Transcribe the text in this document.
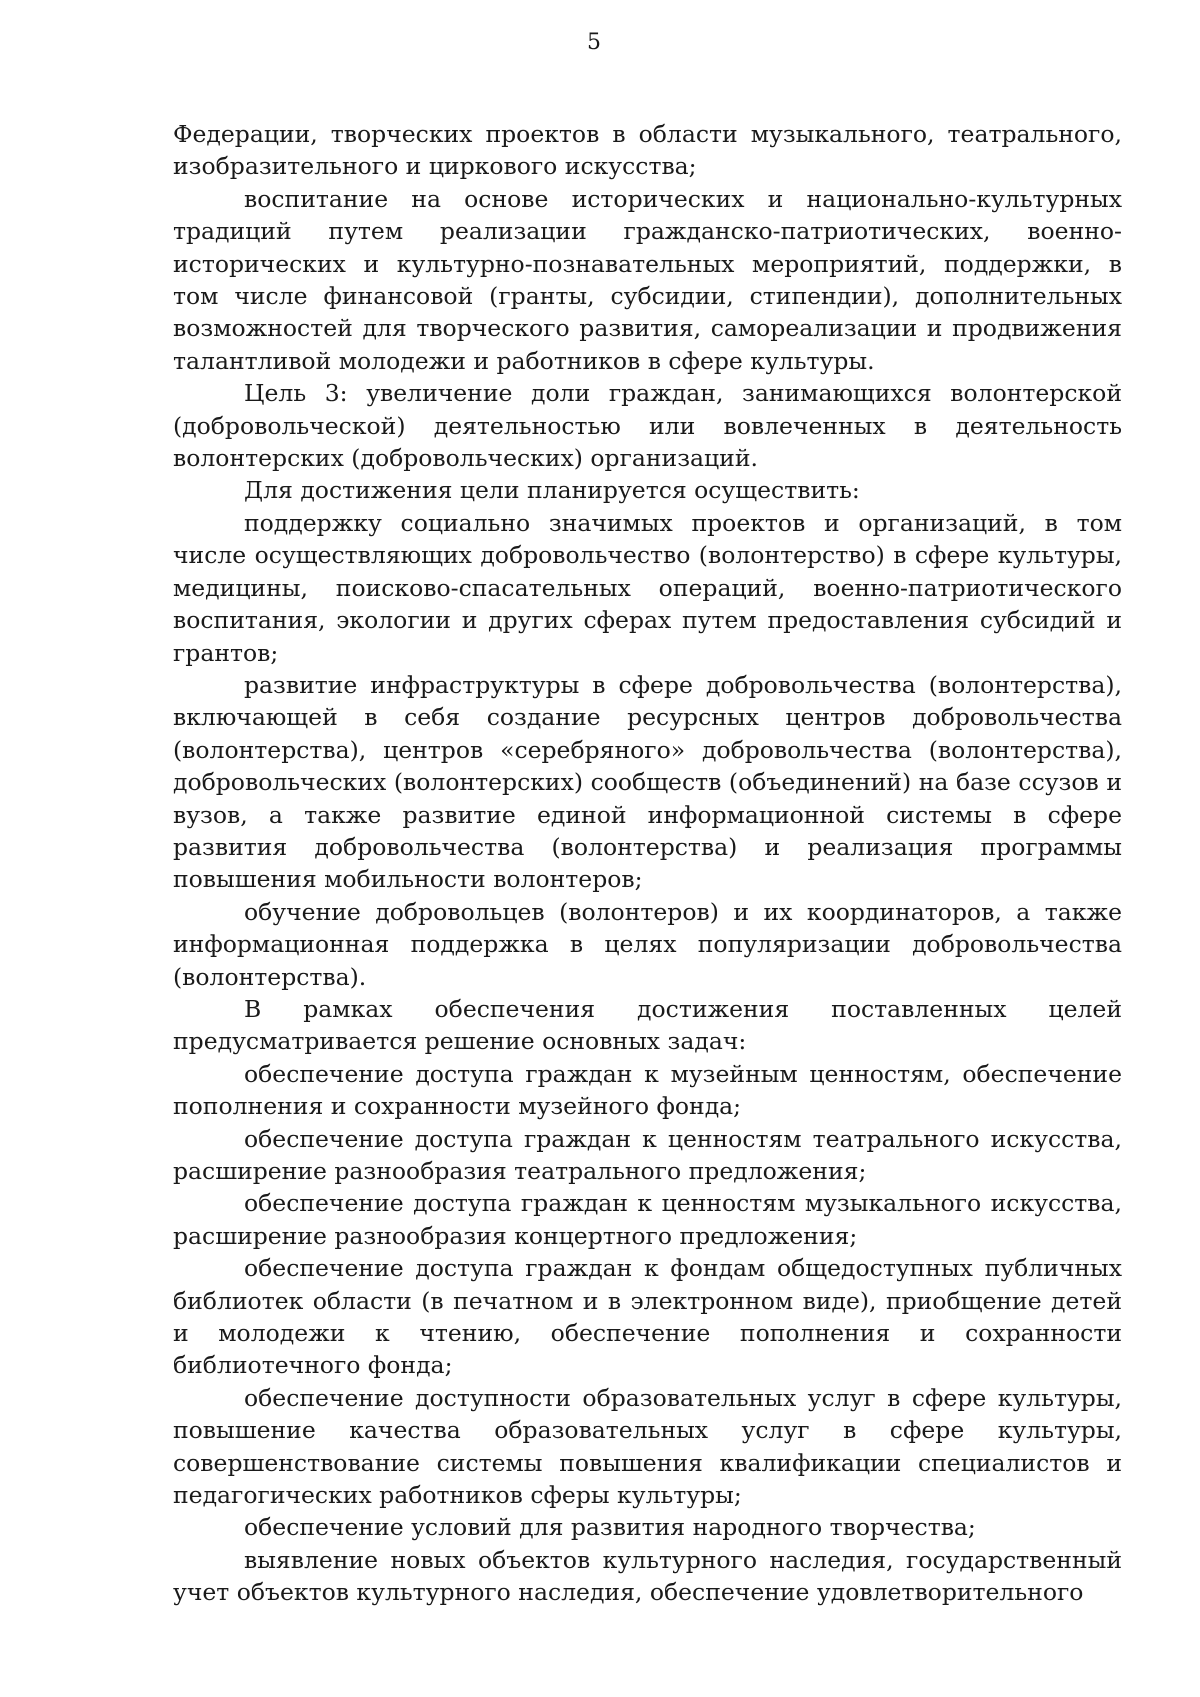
5

Федерации, творческих проектов в области музыкального, театрального, изобразительного и циркового искусства;

воспитание на основе исторических и национально-культурных традиций путем реализации гражданско-патриотических, военно-исторических и культурно-познавательных мероприятий, поддержки, в том числе финансовой (гранты, субсидии, стипендии), дополнительных возможностей для творческого развития, самореализации и продвижения талантливой молодежи и работников в сфере культуры.

Цель 3: увеличение доли граждан, занимающихся волонтерской (добровольческой) деятельностью или вовлеченных в деятельность волонтерских (добровольческих) организаций.

Для достижения цели планируется осуществить:

поддержку социально значимых проектов и организаций, в том числе осуществляющих добровольчество (волонтерство) в сфере культуры, медицины, поисково-спасательных операций, военно-патриотического воспитания, экологии и других сферах путем предоставления субсидий и грантов;

развитие инфраструктуры в сфере добровольчества (волонтерства), включающей в себя создание ресурсных центров добровольчества (волонтерства), центров «серебряного» добровольчества (волонтерства), добровольческих (волонтерских) сообществ (объединений) на базе ссузов и вузов, а также развитие единой информационной системы в сфере развития добровольчества (волонтерства) и реализация программы повышения мобильности волонтеров;

обучение добровольцев (волонтеров) и их координаторов, а также информационная поддержка в целях популяризации добровольчества (волонтерства).

В рамках обеспечения достижения поставленных целей предусматривается решение основных задач:

обеспечение доступа граждан к музейным ценностям, обеспечение пополнения и сохранности музейного фонда;

обеспечение доступа граждан к ценностям театрального искусства, расширение разнообразия театрального предложения;

обеспечение доступа граждан к ценностям музыкального искусства, расширение разнообразия концертного предложения;

обеспечение доступа граждан к фондам общедоступных публичных библиотек области (в печатном и в электронном виде), приобщение детей и молодежи к чтению, обеспечение пополнения и сохранности библиотечного фонда;

обеспечение доступности образовательных услуг в сфере культуры, повышение качества образовательных услуг в сфере культуры, совершенствование системы повышения квалификации специалистов и педагогических работников сферы культуры;

обеспечение условий для развития народного творчества;

выявление новых объектов культурного наследия, государственный учет объектов культурного наследия, обеспечение удовлетворительного
